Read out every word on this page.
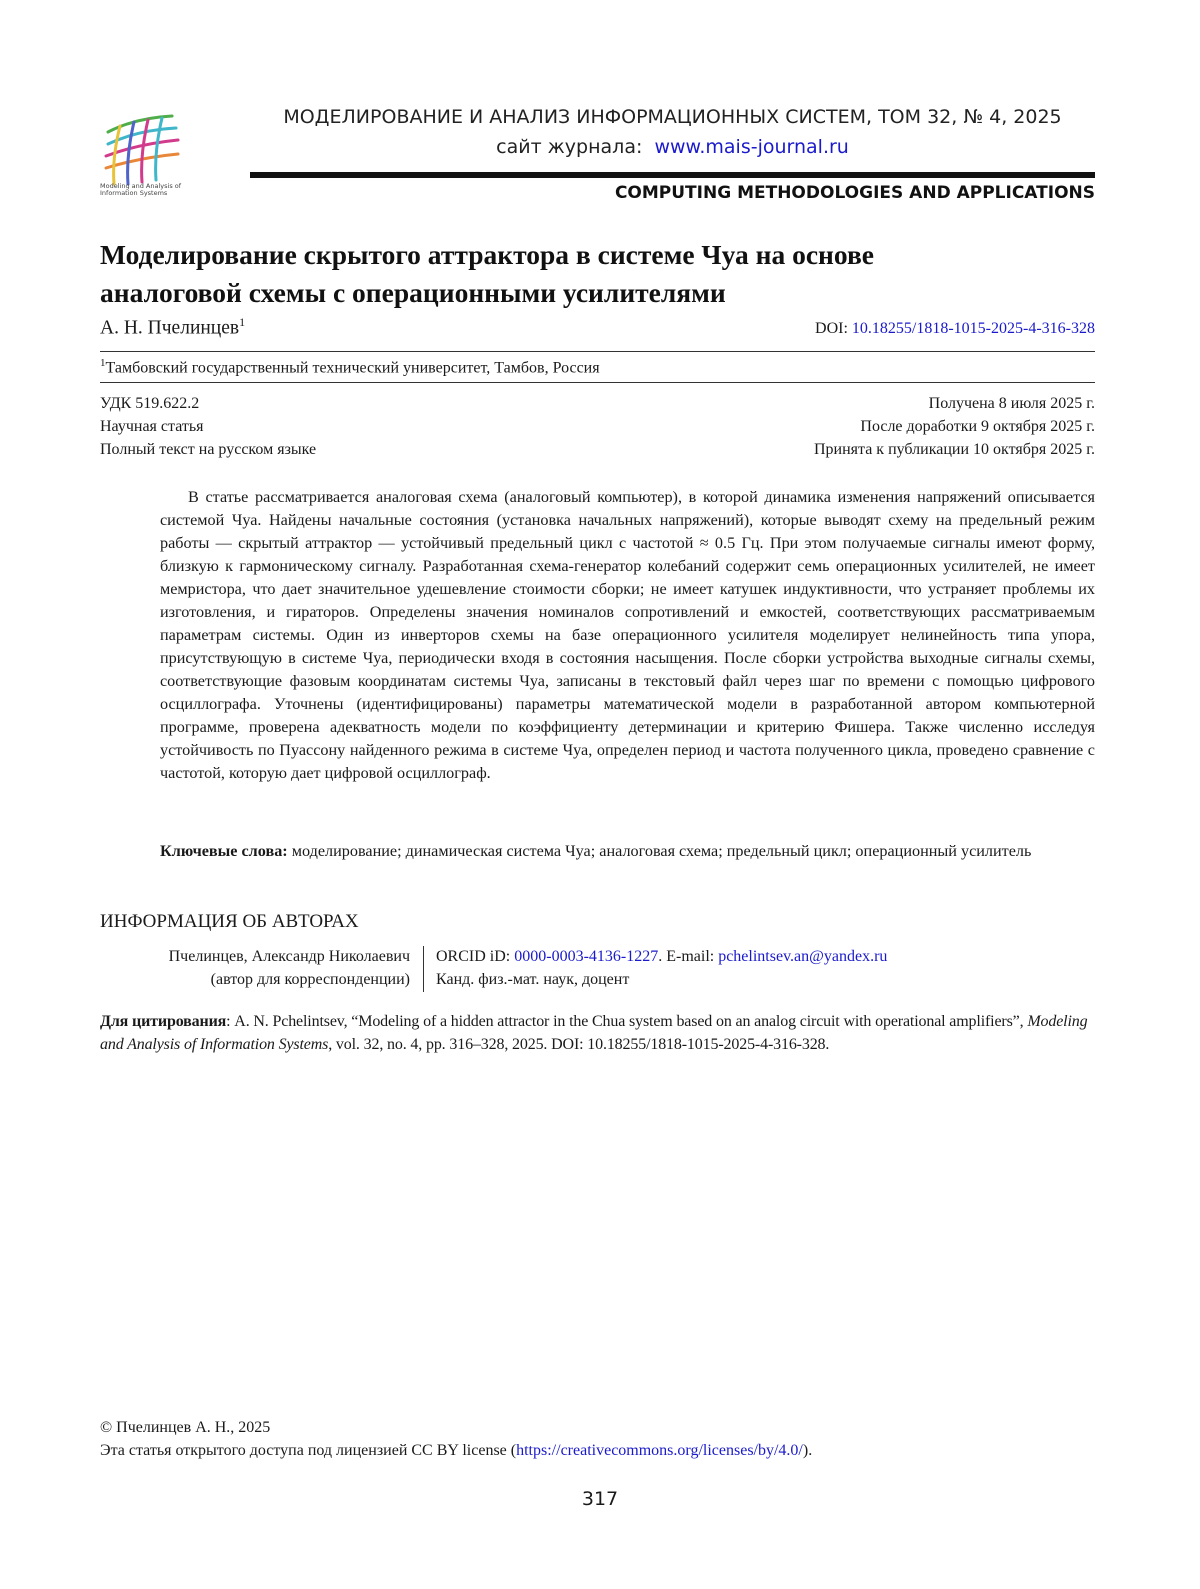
Modeling and Analysis of Information Systems
МОДЕЛИРОВАНИЕ И АНАЛИЗ ИНФОРМАЦИОННЫХ СИСТЕМ, ТОМ 32, № 4, 2025
сайт журнала: www.mais-journal.ru
COMPUTING METHODOLOGIES AND APPLICATIONS
Моделирование скрытого аттрактора в системе Чуа на основе
аналоговой схемы с операционными усилителями
А. Н. Пчелинцев$^1$	DOI: 10.18255/1818-1015-2025-4-316-328
$^1$Тамбовский государственный технический университет, Тамбов, Россия
УДК 519.622.2
Научная статья
Полный текст на русском языке
Получена 8 июля 2025 г.
После доработки 9 октября 2025 г.
Принята к публикации 10 октября 2025 г.
В статье рассматривается аналоговая схема (аналоговый компьютер), в которой динамика изменения напряжений описывается системой Чуа. Найдены начальные состояния (установка начальных напряжений), которые выводят схему на предельный режим работы — скрытый аттрактор — устойчивый предельный цикл с частотой ≈ 0.5 Гц. При этом получаемые сигналы имеют форму, близкую к гармоническому сигналу. Разработанная схема-генератор колебаний содержит семь операционных усилителей, не имеет мемристора, что дает значительное удешевление стоимости сборки; не имеет катушек индуктивности, что устраняет проблемы их изготовления, и гираторов. Определены значения номиналов сопротивлений и емкостей, соответствующих рассматриваемым параметрам системы. Один из инверторов схемы на базе операционного усилителя моделирует нелинейность типа упора, присутствующую в системе Чуа, периодически входя в состояния насыщения. После сборки устройства выходные сигналы схемы, соответствующие фазовым координатам системы Чуа, записаны в текстовый файл через шаг по времени с помощью цифрового осциллографа. Уточнены (идентифицированы) параметры математической модели в разработанной автором компьютерной программе, проверена адекватность модели по коэффициенту детерминации и критерию Фишера. Также численно исследуя устойчивость по Пуассону найденного режима в системе Чуа, определен период и частота полученного цикла, проведено сравнение с частотой, которую дает цифровой осциллограф.
Ключевые слова: моделирование; динамическая система Чуа; аналоговая схема; предельный цикл; операционный усилитель
ИНФОРМАЦИЯ ОБ АВТОРАХ
Пчелинцев, Александр Николаевич
(автор для корреспонденции)
ORCID iD: 0000-0003-4136-1227. E-mail: pchelintsev.an@yandex.ru
Канд. физ.-мат. наук, доцент
Для цитирования: A. N. Pchelintsev, “Modeling of a hidden attractor in the Chua system based on an analog circuit with operational amplifiers”, Modeling and Analysis of Information Systems, vol. 32, no. 4, pp. 316–328, 2025. DOI: 10.18255/1818-1015-2025-4-316-328.
© Пчелинцев А. Н., 2025
Эта статья открытого доступа под лицензией CC BY license (https://creativecommons.org/licenses/by/4.0/).
317
